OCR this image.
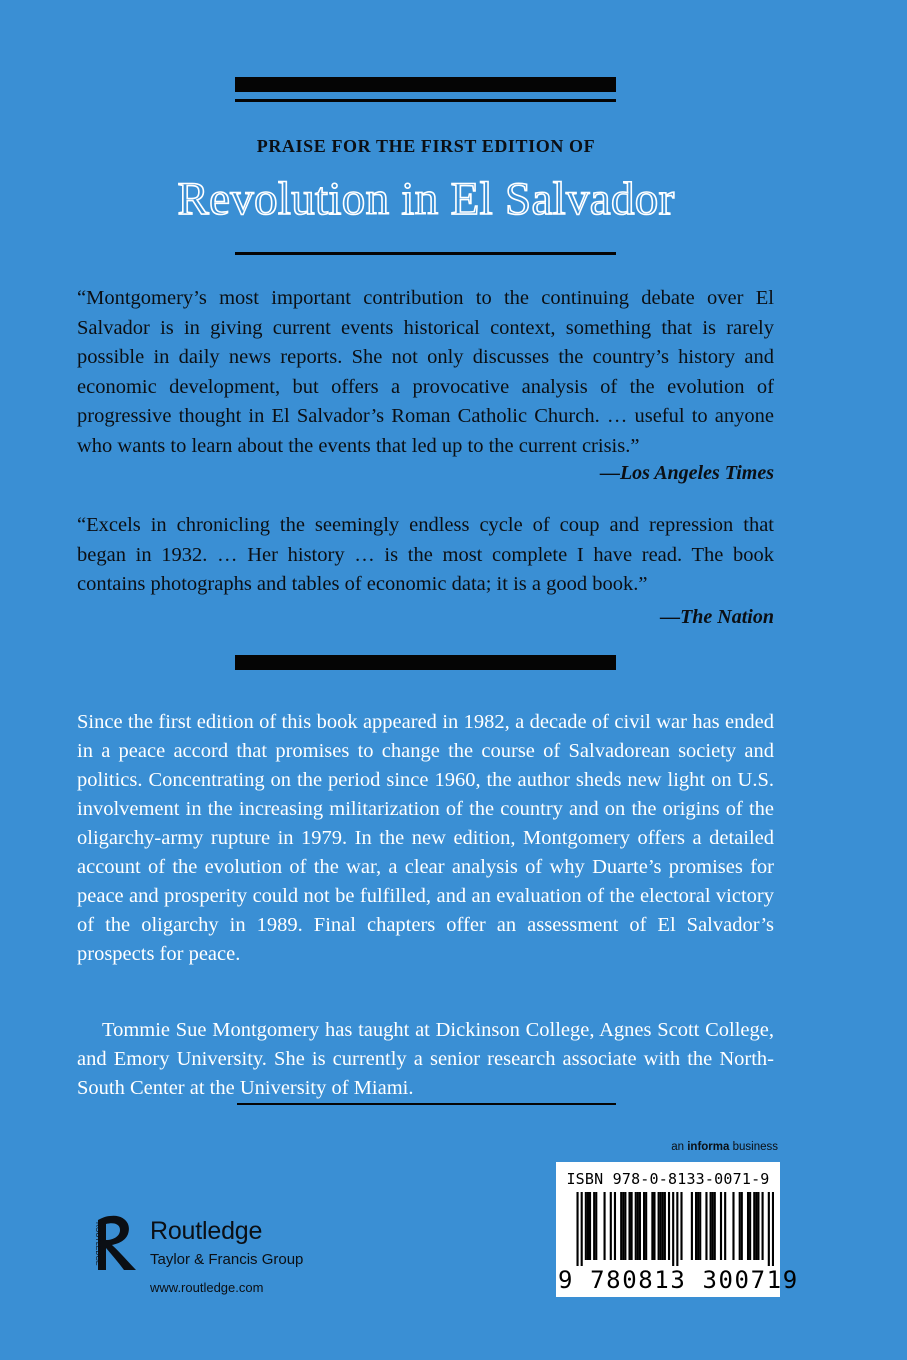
PRAISE FOR THE FIRST EDITION OF
Revolution in El Salvador
“Montgomery’s most important contribution to the continuing debate over El Salvador is in giving current events historical context, something that is rarely possible in daily news reports. She not only discusses the country’s history and economic development, but offers a provocative analysis of the evolution of progressive thought in El Salvador’s Roman Catholic Church. … useful to anyone who wants to learn about the events that led up to the current crisis.”
—Los Angeles Times
“Excels in chronicling the seemingly endless cycle of coup and repression that began in 1932. … Her history … is the most complete I have read. The book contains photographs and tables of economic data; it is a good book.”
—The Nation
Since the first edition of this book appeared in 1982, a decade of civil war has ended in a peace accord that promises to change the course of Salvadorean society and politics. Concentrating on the period since 1960, the author sheds new light on U.S. involvement in the increasing militarization of the country and on the origins of the oligarchy-army rupture in 1979. In the new edition, Montgomery offers a detailed account of the evolution of the war, a clear analysis of why Duarte’s promises for peace and prosperity could not be fulfilled, and an evaluation of the electoral victory of the oligarchy in 1989. Final chapters offer an assessment of El Salvador’s prospects for peace.
Tommie Sue Montgomery has taught at Dickinson College, Agnes Scott College, and Emory University. She is currently a senior research associate with the North-South Center at the University of Miami.
an informa business
ISBN 978-0-8133-0071-9
9 780813 300719
ROUTLEDGE Routledge
Taylor & Francis Group
www.routledge.com
